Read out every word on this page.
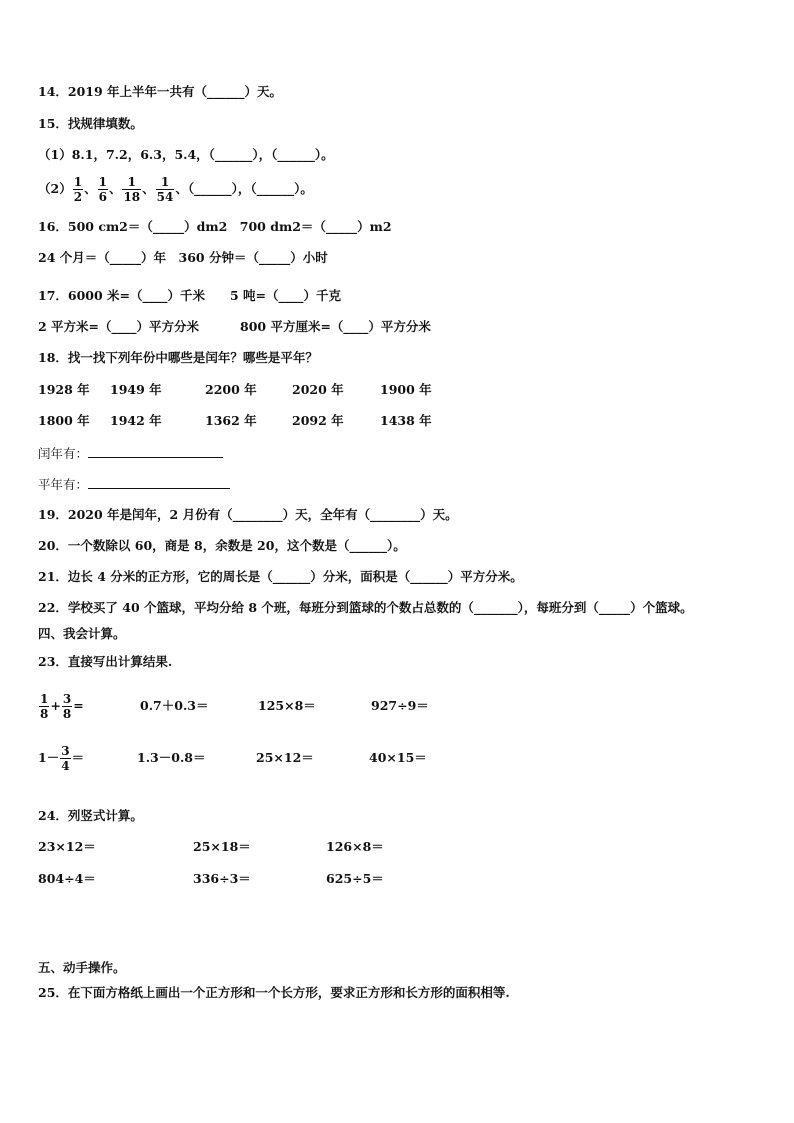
14．2019 年上半年一共有（______）天。
15．找规律填数。
（1）8.1，7.2，6.3，5.4，（______），（______）。
$(2) \frac{1}{2}$ 、 $\frac{1}{6}$ 、 $\frac{1}{18}$ 、 $\frac{1}{54}$ 、（______），（______）。
16．500 cm2＝（_____）dm2　700 dm2＝（_____）m2
24 个月＝（_____）年　360 分钟＝（_____）小时
17．6000 米=（____）千米 5 吨=（____）千克
2 平方米=（____）平方分米	800 平方厘米=（____）平方分米
18．找一找下列年份中哪些是闰年？哪些是平年？
1928 年 1949 年	2200 年	2020 年	1900 年
1800 年 1942 年	1362 年	2092 年	1438 年
闰年有：
平年有：
19．2020 年是闰年，2 月份有（________）天，全年有（________）天。
20．一个数除以 60，商是 8，余数是 20，这个数是（______）。
21．边长 4 分米的正方形，它的周长是（______）分米，面积是（______）平方分米。
22．学校买了 40 个篮球，平均分给 8 个班，每班分到篮球的个数占总数的（_______），每班分到（_____）个篮球。
四、我会计算。
23．直接写出计算结果.
$\frac{1}{8} + \frac{3}{8}$ =	0.7＋0.3＝	125×8＝	927÷9＝
$1- \frac{3}{4}$ ＝	1.3－0.8＝	25×12＝	40×15＝
24．列竖式计算。
23×12＝	25×18＝	126×8＝
804÷4＝	336÷3＝	625÷5＝
五、动手操作。
25．在下面方格纸上画出一个正方形和一个长方形，要求正方形和长方形的面积相等.
